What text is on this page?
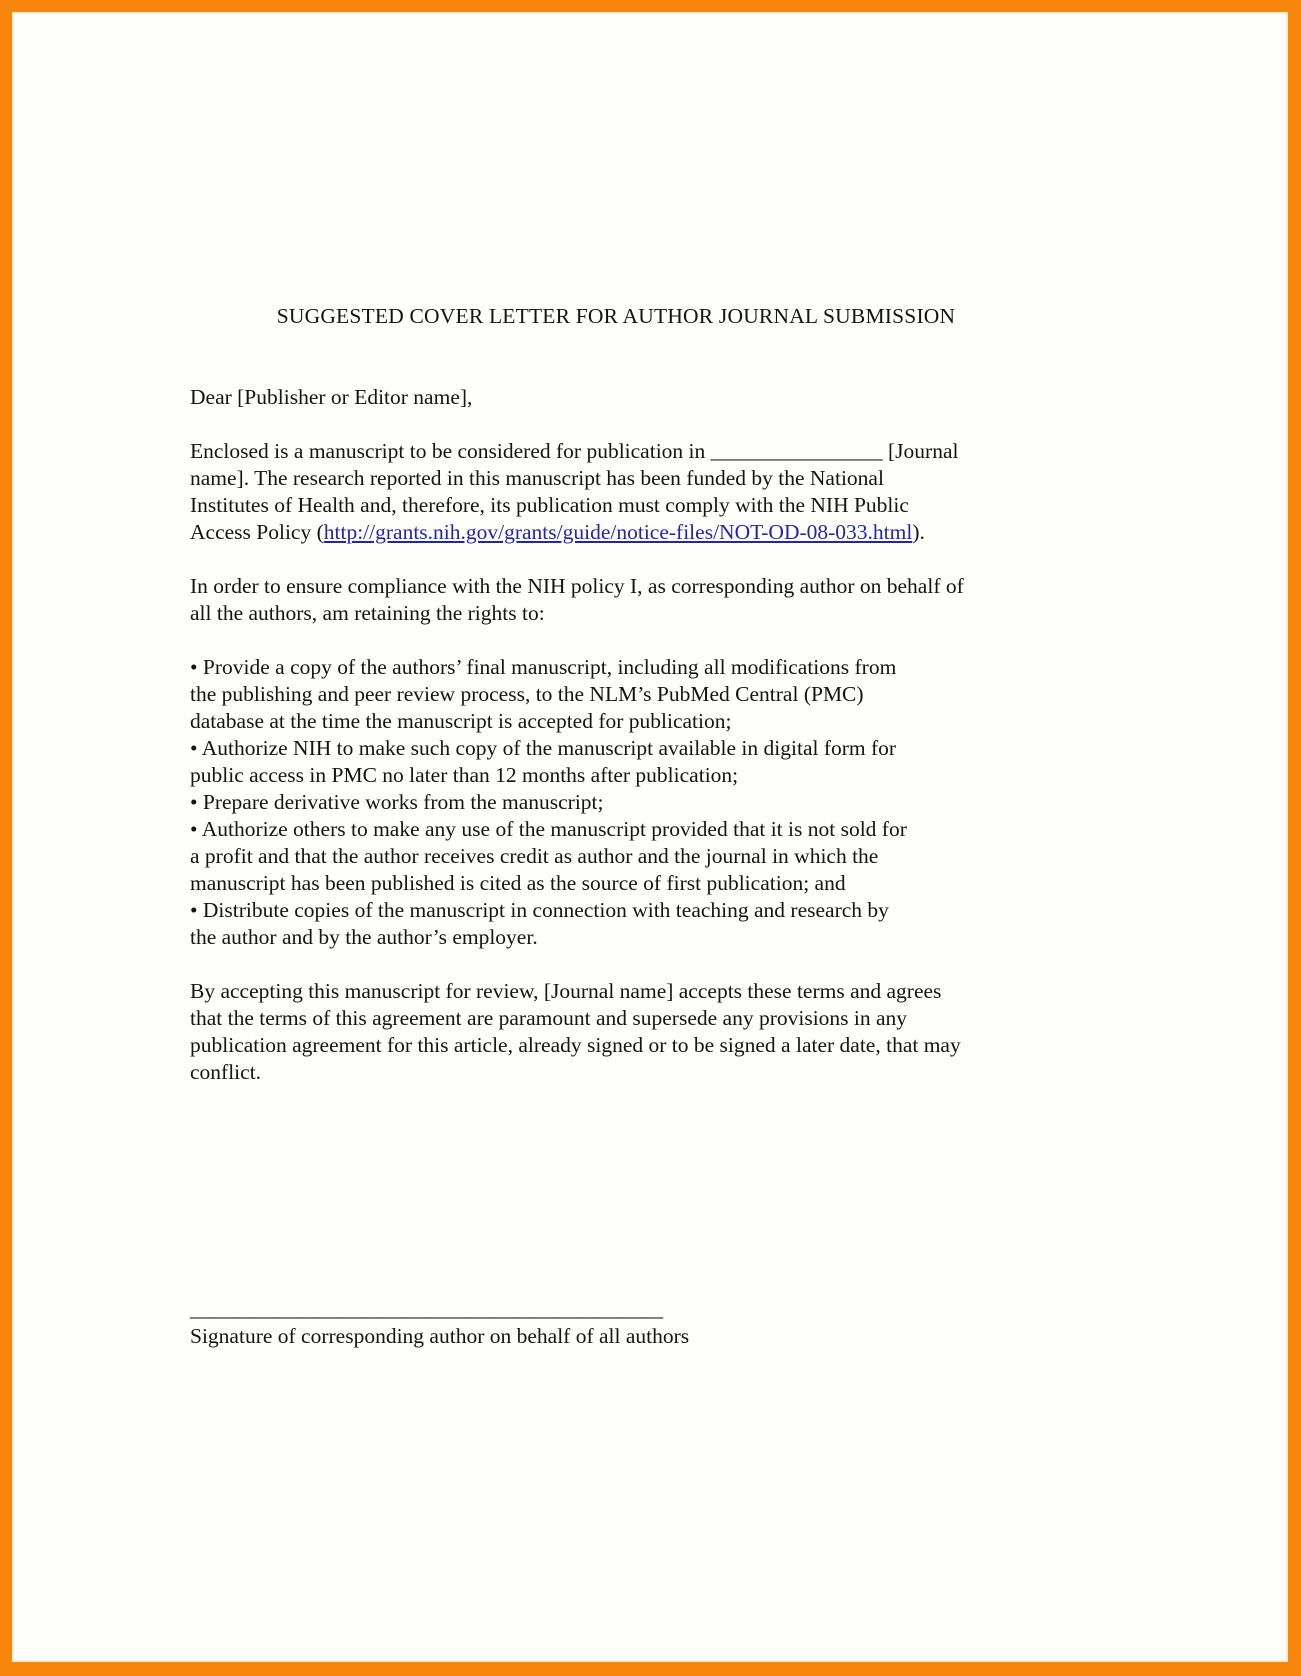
SUGGESTED COVER LETTER FOR AUTHOR JOURNAL SUBMISSION
Dear [Publisher or Editor name],
Enclosed is a manuscript to be considered for publication in ________________ [Journal
name]. The research reported in this manuscript has been funded by the National
Institutes of Health and, therefore, its publication must comply with the NIH Public
Access Policy (http://grants.nih.gov/grants/guide/notice-files/NOT-OD-08-033.html).
In order to ensure compliance with the NIH policy I, as corresponding author on behalf of
all the authors, am retaining the rights to:
• Provide a copy of the authors’ final manuscript, including all modifications from
the publishing and peer review process, to the NLM’s PubMed Central (PMC)
database at the time the manuscript is accepted for publication;
• Authorize NIH to make such copy of the manuscript available in digital form for
public access in PMC no later than 12 months after publication;
• Prepare derivative works from the manuscript;
• Authorize others to make any use of the manuscript provided that it is not sold for
a profit and that the author receives credit as author and the journal in which the
manuscript has been published is cited as the source of first publication; and
• Distribute copies of the manuscript in connection with teaching and research by
the author and by the author’s employer.
By accepting this manuscript for review, [Journal name] accepts these terms and agrees
that the terms of this agreement are paramount and supersede any provisions in any
publication agreement for this article, already signed or to be signed a later date, that may
conflict.
____________________________________________
Signature of corresponding author on behalf of all authors
